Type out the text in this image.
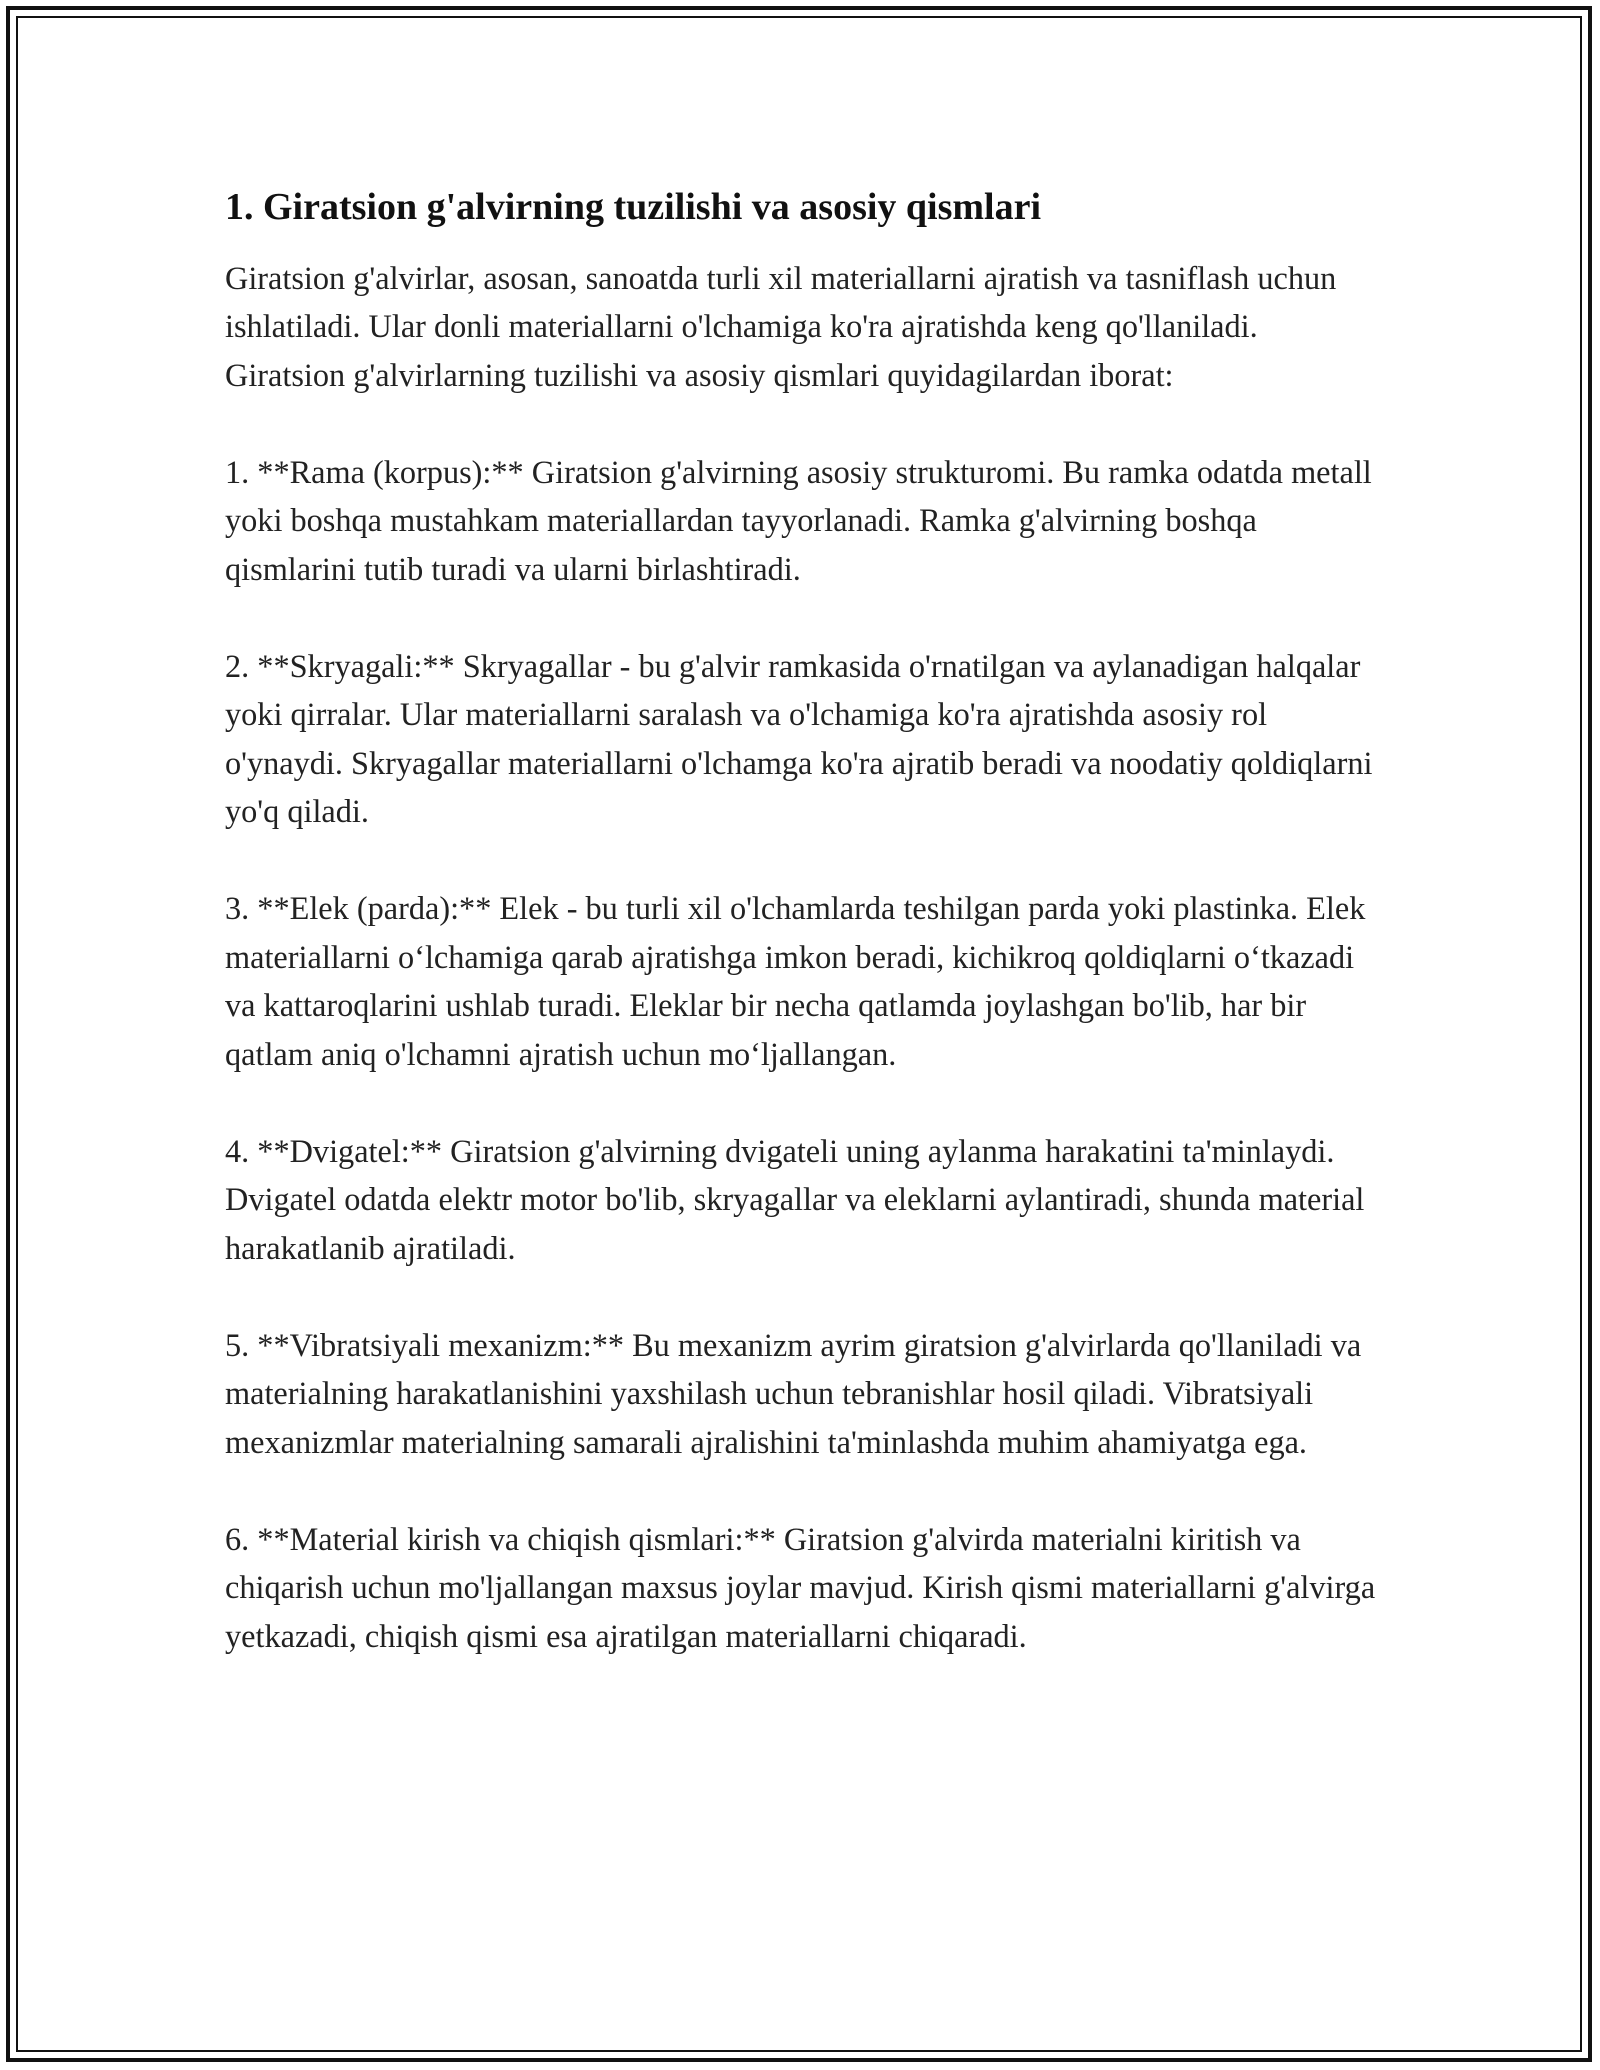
1. Giratsion g'alvirning tuzilishi va asosiy qismlari

Giratsion g'alvirlar, asosan, sanoatda turli xil materiallarni ajratish va tasniflash uchun ishlatiladi. Ular donli materiallarni o'lchamiga ko'ra ajratishda keng qo'llaniladi. Giratsion g'alvirlarning tuzilishi va asosiy qismlari quyidagilardan iborat:

1. **Rama (korpus):** Giratsion g'alvirning asosiy strukturomi. Bu ramka odatda metall yoki boshqa mustahkam materiallardan tayyorlanadi. Ramka g'alvirning boshqa qismlarini tutib turadi va ularni birlashtiradi.

2. **Skryagali:** Skryagallar - bu g'alvir ramkasida o'rnatilgan va aylanadigan halqalar yoki qirralar. Ular materiallarni saralash va o'lchamiga ko'ra ajratishda asosiy rol o'ynaydi. Skryagallar materiallarni o'lchamga ko'ra ajratib beradi va noodatiy qoldiqlarni yo'q qiladi.

3. **Elek (parda):** Elek - bu turli xil o'lchamlarda teshilgan parda yoki plastinka. Elek materiallarni o‘lchamiga qarab ajratishga imkon beradi, kichikroq qoldiqlarni o‘tkazadi va kattaroqlarini ushlab turadi. Eleklar bir necha qatlamda joylashgan bo'lib, har bir qatlam aniq o'lchamni ajratish uchun mo‘ljallangan.

4. **Dvigatel:** Giratsion g'alvirning dvigateli uning aylanma harakatini ta'minlaydi. Dvigatel odatda elektr motor bo'lib, skryagallar va eleklarni aylantiradi, shunda material harakatlanib ajratiladi.

5. **Vibratsiyali mexanizm:** Bu mexanizm ayrim giratsion g'alvirlarda qo'llaniladi va materialning harakatlanishini yaxshilash uchun tebranishlar hosil qiladi. Vibratsiyali mexanizmlar materialning samarali ajralishini ta'minlashda muhim ahamiyatga ega.

6. **Material kirish va chiqish qismlari:** Giratsion g'alvirda materialni kiritish va chiqarish uchun mo'ljallangan maxsus joylar mavjud. Kirish qismi materiallarni g'alvirga yetkazadi, chiqish qismi esa ajratilgan materiallarni chiqaradi.
